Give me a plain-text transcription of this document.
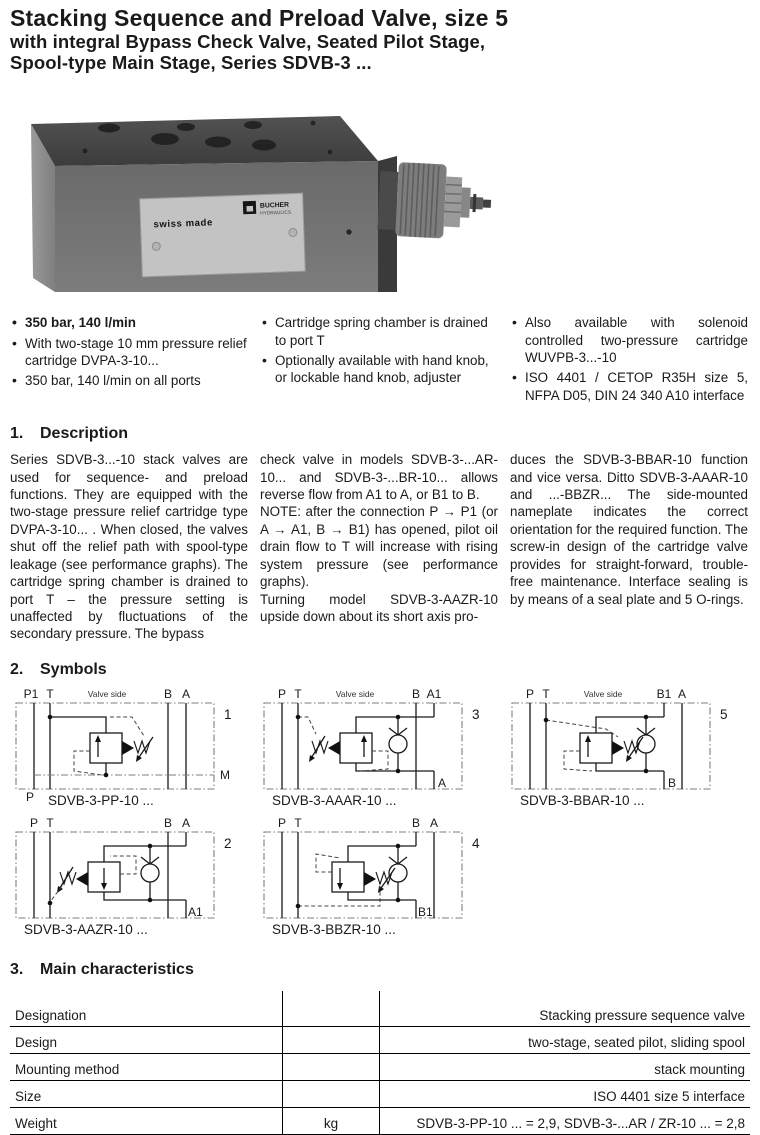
Stacking Sequence and Preload Valve, size 5
with integral Bypass Check Valve, Seated Pilot Stage,
Spool-type Main Stage, Series SDVB-3 ...
swiss made
BUCHER
HYDRAULICS
• 350 bar, 140 l/min
• With two-stage 10 mm pressure relief cartridge DVPA-3-10...
• 350 bar, 140 l/min on all ports
• Cartridge spring chamber is drained to port T
• Optionally available with hand knob, or lockable hand knob, adjuster
• Also available with solenoid controlled two-pressure cartridge WUVPB-3...-10
• ISO 4401 / CETOP R35H size 5, NFPA D05, DIN 24 340 A10 interface
1. Description

Series SDVB-3...-10 stack valves are used for sequence- and preload functions. They are equipped with the two-stage pressure relief cartridge type DVPA-3-10... . When closed, the valves shut off the relief path with spool-type leakage (see performance graphs). The cartridge spring chamber is drained to port T – the pressure setting is unaffected by fluctuations of the secondary pressure. The bypass

check valve in models SDVB-3-...AR-10... and SDVB-3-...BR-10... allows reverse flow from A1 to A, or B1 to B.

NOTE: after the connection P → P1 (or A → A1, B → B1) has opened, pilot oil drain flow to T will increase with rising system pressure (see performance graphs).

Turning model SDVB-3-AAZR-10 upside down about its short axis pro-

duces the SDVB-3-BBAR-10 function and vice versa. Ditto SDVB-3-AAAR-10 and ...-BBZR... The side-mounted nameplate indicates the correct orientation for the required function. The screw-in design of the cartridge valve provides for straight-forward, trouble-free maintenance. Interface sealing is by means of a seal plate and 5 O-rings.

2. Symbols
P1 T	Valve side	B A
1
M
P SDVB-3-PP-10 ...
P T	Valve side	B A1
3
A
SDVB-3-AAAR-10 ...
P T	Valve side	B1 A
5
B
SDVB-3-BBAR-10 ...
P T	B A
2
A1
SDVB-3-AAZR-10 ...
P T	B A
4
B1
SDVB-3-BBZR-10 ...
3. Main characteristics
Designation		Stacking pressure sequence valve
Design		two-stage, seated pilot, sliding spool
Mounting method		stack mounting
Size		ISO 4401 size 5 interface
Weight	kg	SDVB-3-PP-10 ... = 2,9, SDVB-3-...AR / ZR-10 ... = 2,8
